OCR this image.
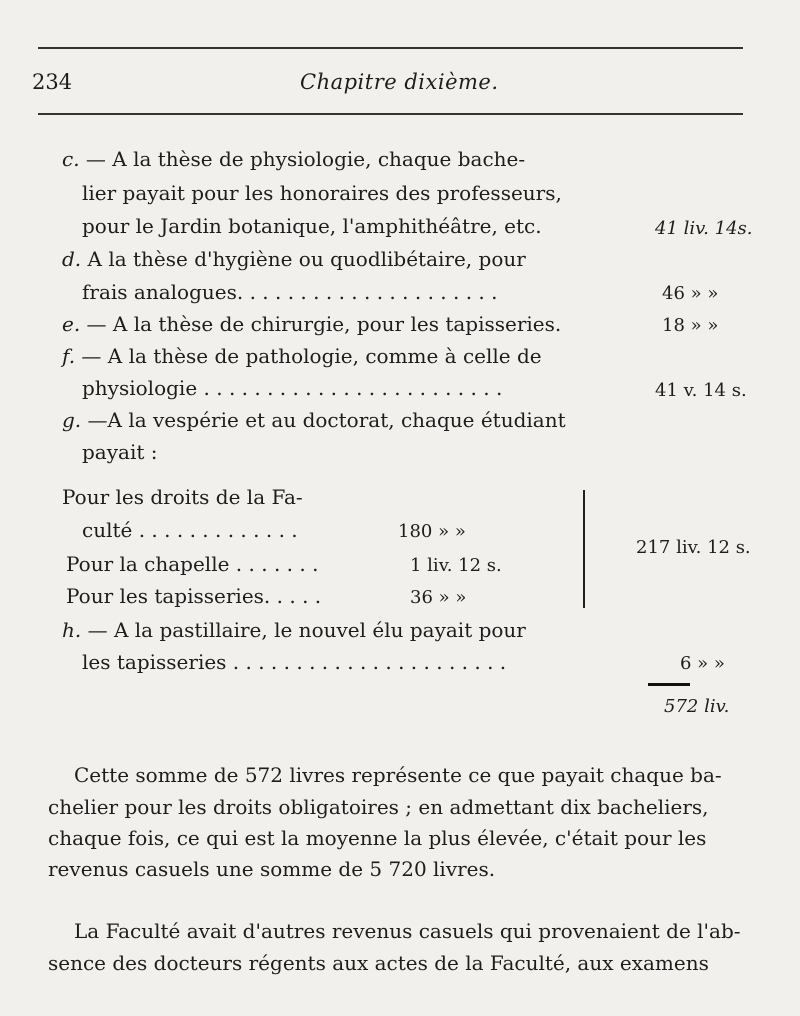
234	Chapitre dixième.
c. — A la thèse de physiologie, chaque bache-
lier payait pour les honoraires des professeurs,
pour le Jardin botanique, l'amphithéâtre, etc.	41 liv. 14s.
d. A la thèse d'hygiène ou quodlibétaire, pour
frais analogues. . . . . . . . . . . . . . . . . . . . .	46 » »
e. — A la thèse de chirurgie, pour les tapisseries.	18 » »
f. — A la thèse de pathologie, comme à celle de
physiologie . . . . . . . . . . . . . . . . . . . . . . . .	41 v. 14 s.
g. —A la vespérie et au doctorat, chaque étudiant
payait :
Pour les droits de la Fa-
culté . . . . . . . . . . . . .	180 » »
Pour la chapelle . . . . . . .	1 liv. 12 s.
Pour les tapisseries. . . . .	36 » »
217 liv. 12 s.
h. — A la pastillaire, le nouvel élu payait pour
les tapisseries . . . . . . . . . . . . . . . . . . . . . .	6 » »
572 liv.
Cette somme de 572 livres représente ce que payait chaque ba-
chelier pour les droits obligatoires ; en admettant dix bacheliers,
chaque fois, ce qui est la moyenne la plus élevée, c'était pour les
revenus casuels une somme de 5 720 livres.
La Faculté avait d'autres revenus casuels qui provenaient de l'ab-
sence des docteurs régents aux actes de la Faculté, aux examens
